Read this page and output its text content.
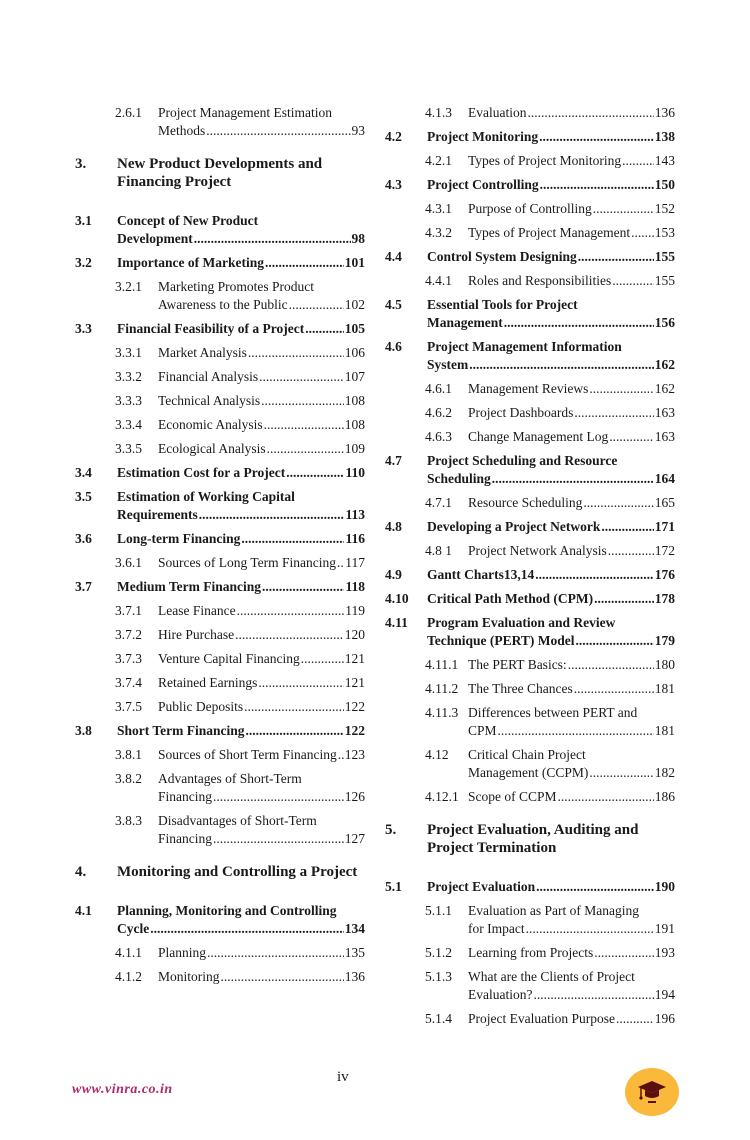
2.6.1	Project Management Estimation Methods .....	93
3.	New Product Developments and Financing Project
3.1	Concept of New Product Development .....	98
3.2	Importance of Marketing .....	101
3.2.1	Marketing Promotes Product Awareness to the Public .....	102
3.3	Financial Feasibility of a Project .....	105
3.3.1	Market Analysis .....	106
3.3.2	Financial Analysis .....	107
3.3.3	Technical Analysis .....	108
3.3.4	Economic Analysis .....	108
3.3.5	Ecological Analysis .....	109
3.4	Estimation Cost for a Project .....	110
3.5	Estimation of Working Capital Requirements .....	113
3.6	Long-term Financing .....	116
3.6.1	Sources of Long Term Financing ..... 117
3.7	Medium Term Financing .....	118
3.7.1	Lease Finance .....	119
3.7.2	Hire Purchase .....	120
3.7.3	Venture Capital Financing .....	121
3.7.4	Retained Earnings .....	121
3.7.5	Public Deposits .....	122
3.8	Short Term Financing .....	122
3.8.1	Sources of Short Term Financing ..... 123
3.8.2	Advantages of Short-Term Financing .....	126
3.8.3	Disadvantages of Short-Term Financing .....	127
4.	Monitoring and Controlling a Project
4.1	Planning, Monitoring and Controlling Cycle .....	134
4.1.1	Planning .....	135
4.1.2	Monitoring .....	136
4.1.3	Evaluation .....	136
4.2	Project Monitoring .....	138
4.2.1	Types of Project Monitoring ..... 143
4.3	Project Controlling .....	150
4.3.1	Purpose of Controlling .....	152
4.3.2	Types of Project Management ..... 153
4.4	Control System Designing .....	155
4.4.1	Roles and Responsibilities .....	155
4.5	Essential Tools for Project Management .....	156
4.6	Project Management Information System .....	162
4.6.1	Management Reviews .....	162
4.6.2	Project Dashboards .....	163
4.6.3	Change Management Log .....	163
4.7	Project Scheduling and Resource Scheduling .....	164
4.7.1	Resource Scheduling .....	165
4.8	Developing a Project Network .....	171
4.8 1	Project Network Analysis .....	172
4.9	Gantt Charts13,14 .....	176
4.10	Critical Path Method (CPM) .....	178
4.11	Program Evaluation and Review Technique (PERT) Model .....	179
4.11.1 The PERT Basics: .....	180
4.11.2 The Three Chances .....	181
4.11.3 Differences between PERT and CPM .....	181
4.12	Critical Chain Project Management (CCPM) .....	182
4.12.1 Scope of CCPM .....	186
5.	Project Evaluation, Auditing and Project Termination
5.1	Project Evaluation .....	190
5.1.1	Evaluation as Part of Managing for Impact .....	191
5.1.2	Learning from Projects .....	193
5.1.3	What are the Clients of Project Evaluation? .....	194
5.1.4	Project Evaluation Purpose .....	196
www.vinra.co.in
iv
